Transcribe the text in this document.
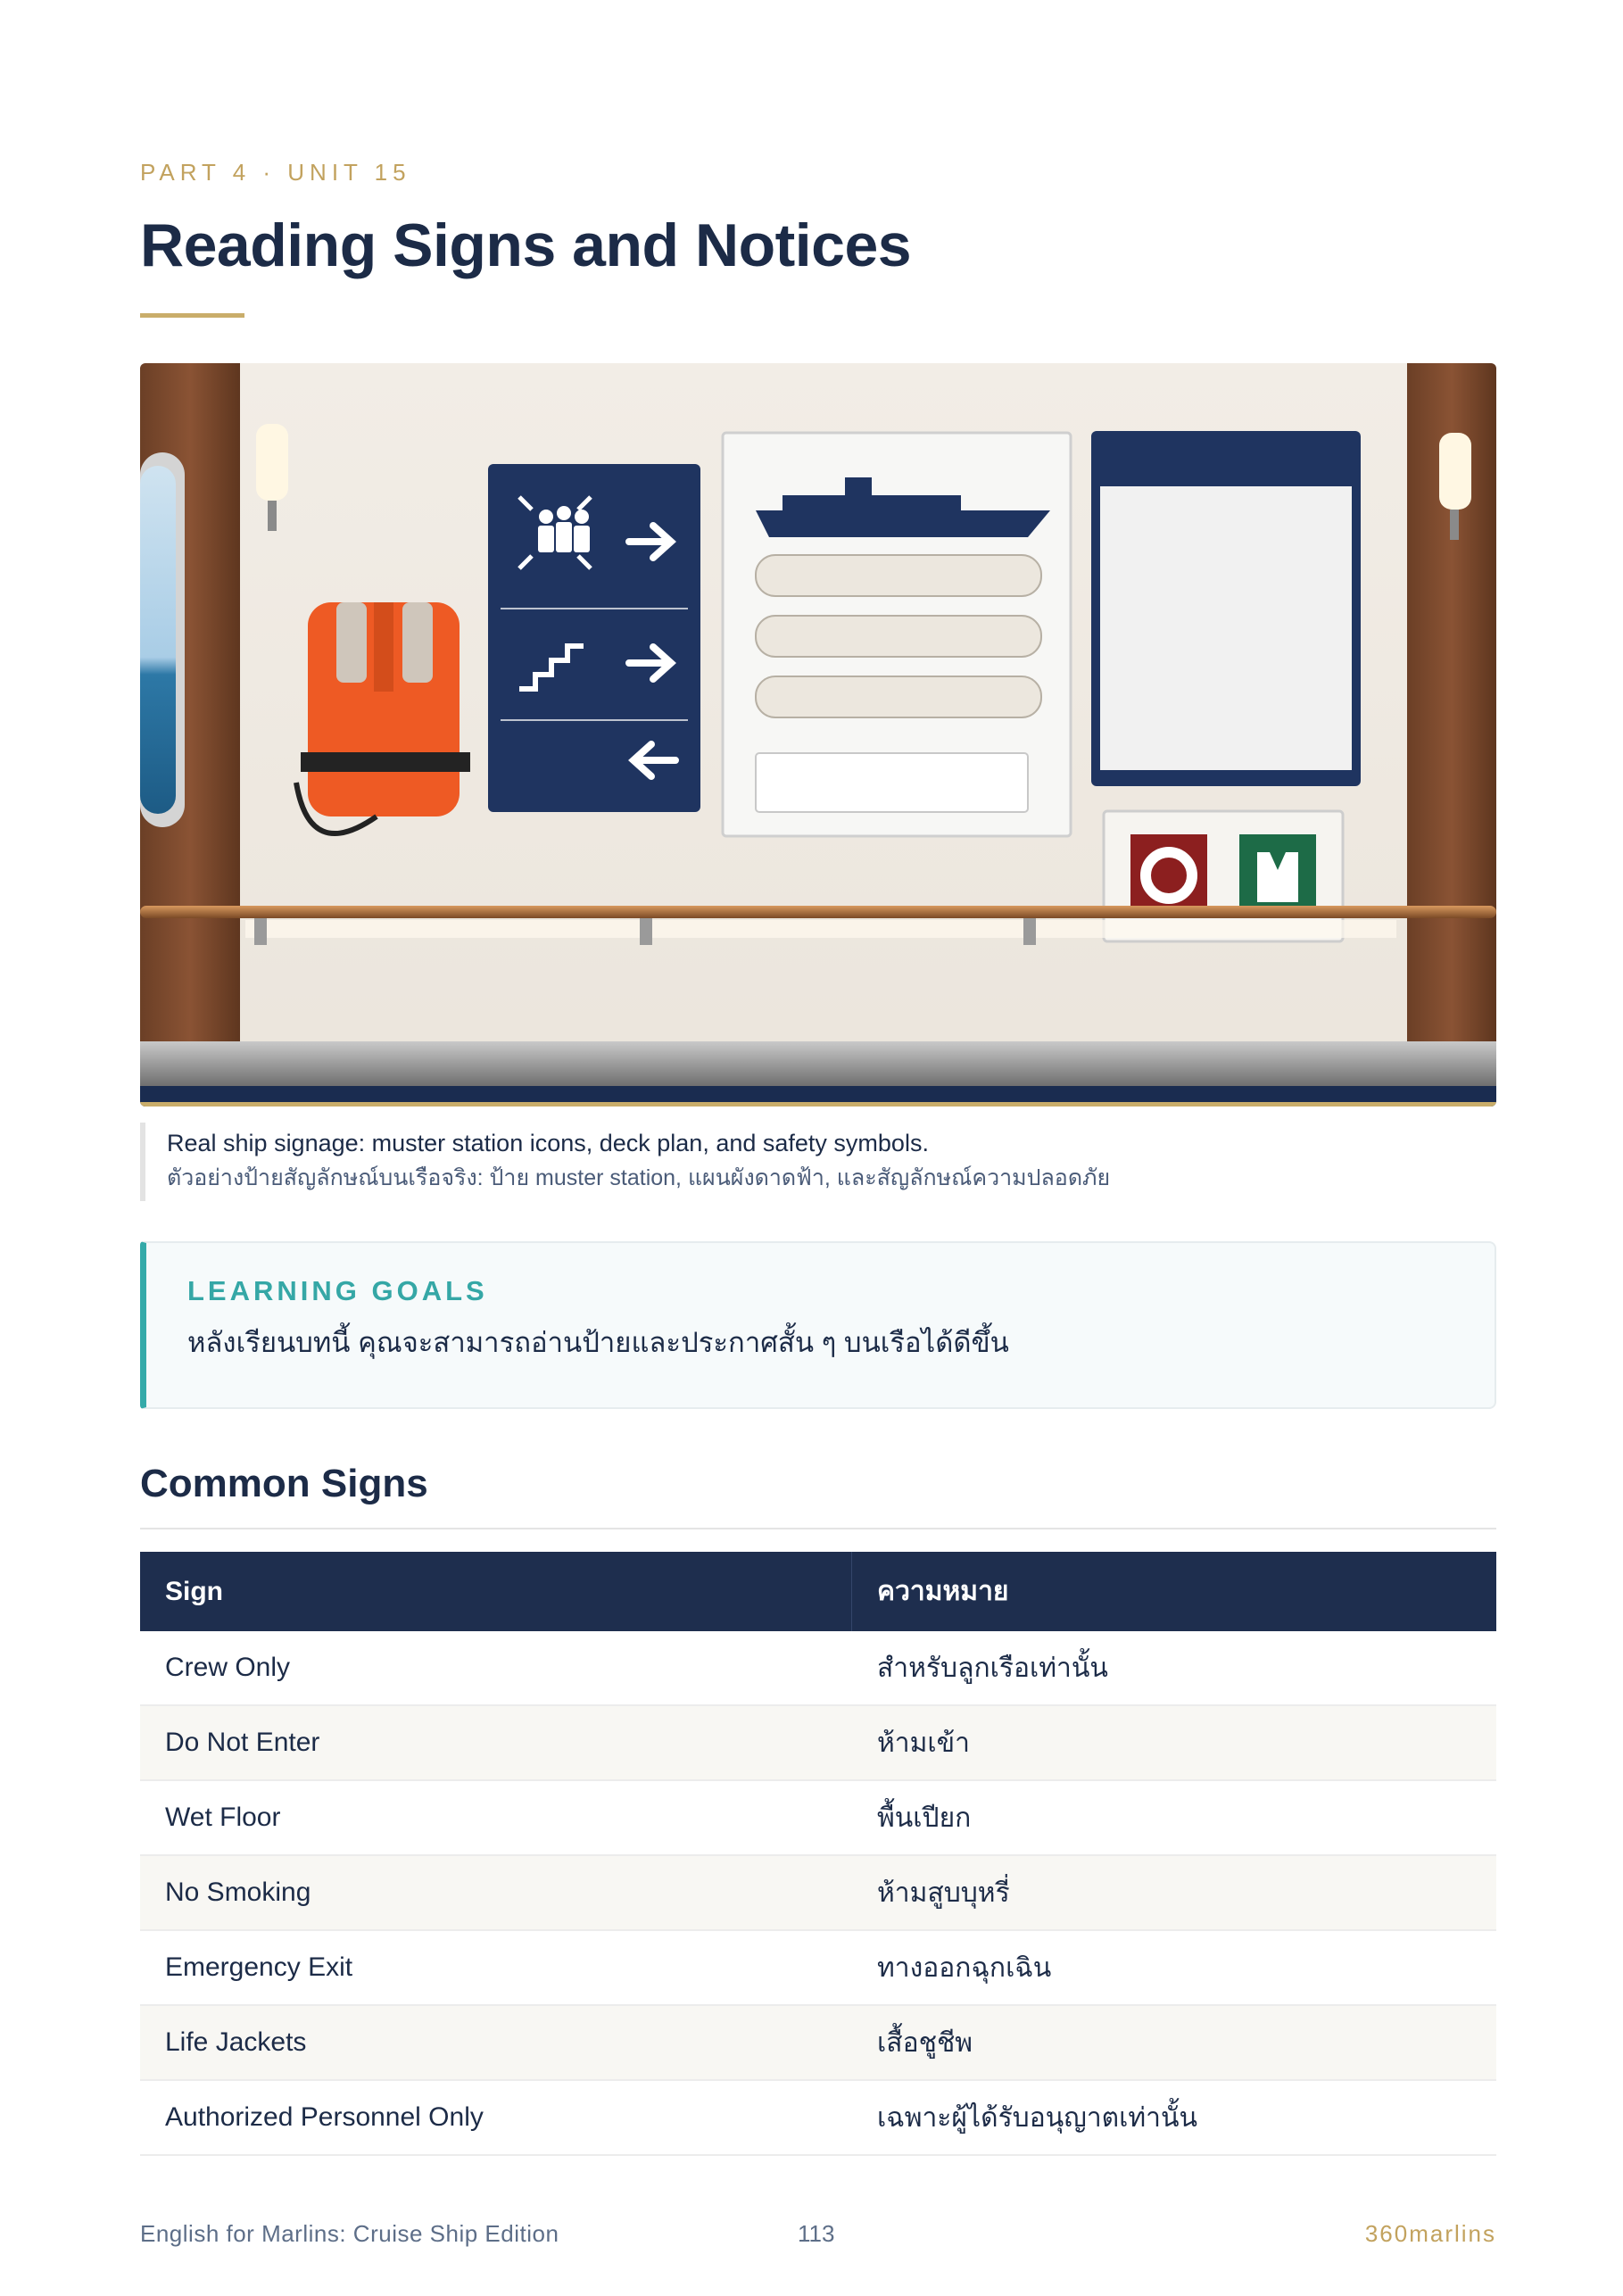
PART 4 · UNIT 15
Reading Signs and Notices
Real ship signage: muster station icons, deck plan, and safety symbols.
ตัวอย่างป้ายสัญลักษณ์บนเรือจริง: ป้าย muster station, แผนผังดาดฟ้า, และสัญลักษณ์ความปลอดภัย
LEARNING GOALS
หลังเรียนบทนี้ คุณจะสามารถอ่านป้ายและประกาศสั้น ๆ บนเรือได้ดีขึ้น
Common Signs
Sign	ความหมาย
Crew Only	สำหรับลูกเรือเท่านั้น
Do Not Enter	ห้ามเข้า
Wet Floor	พื้นเปียก
No Smoking	ห้ามสูบบุหรี่
Emergency Exit	ทางออกฉุกเฉิน
Life Jackets	เสื้อชูชีพ
Authorized Personnel Only	เฉพาะผู้ได้รับอนุญาตเท่านั้น
English for Marlins: Cruise Ship Edition	113	360marlins
